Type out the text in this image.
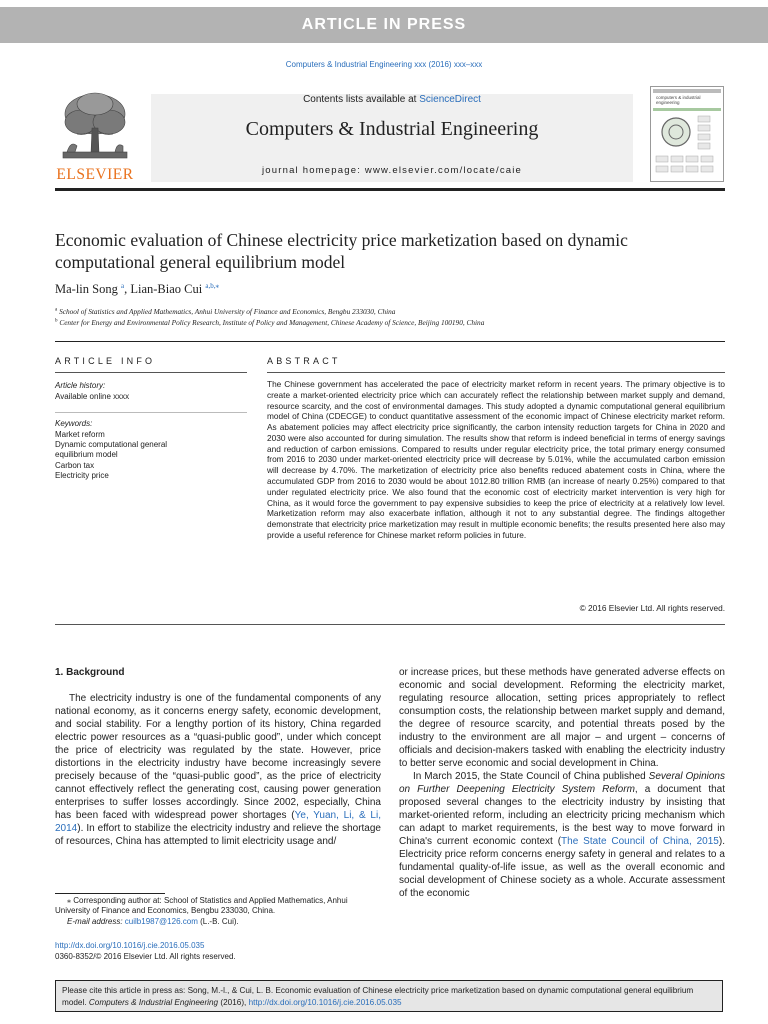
ARTICLE IN PRESS
Computers & Industrial Engineering xxx (2016) xxx–xxx
ELSEVIER
Contents lists available at ScienceDirect
Computers & Industrial Engineering
journal homepage: www.elsevier.com/locate/caie
computers & industrial engineering
Economic evaluation of Chinese electricity price marketization based on dynamic computational general equilibrium model
Ma-lin Song $^a$, Lian-Biao Cui $^{a,b,⁎}$
$^a$ School of Statistics and Applied Mathematics, Anhui University of Finance and Economics, Bengbu 233030, China
$^b$ Center for Energy and Environmental Policy Research, Institute of Policy and Management, Chinese Academy of Science, Beijing 100190, China
ARTICLE INFO	ABSTRACT
Article history:
Available online xxxx
Keywords:
Market reform
Dynamic computational general
equilibrium model
Carbon tax
Electricity price
The Chinese government has accelerated the pace of electricity market reform in recent years. The primary objective is to create a market-oriented electricity price which can accurately reflect the relationship between market supply and demand, resource scarcity, and the cost of environmental damages. This study adopted a dynamic computational general equilibrium model of China (CDECGE) to conduct quantitative assessment of the economic impact of Chinese electricity market reform. As abatement policies may affect electricity price significantly, the carbon intensity reduction targets for China in 2020 and 2030 were also accounted for during simulation. The results show that reform is indeed beneficial in terms of energy savings and reduction of carbon emissions. Compared to results under regular electricity price, the total primary energy consumed from 2016 to 2030 under market-oriented electricity price will decrease by 5.01%, while the accumulated carbon emission will decrease by 4.70%. The marketization of electricity price also benefits reduced abatement costs in China, where the accumulated GDP from 2016 to 2030 would be about 1012.80 trillion RMB (an increase of nearly 0.25%) compared to that under regulated electricity price. We also found that the economic cost of electricity market intervention is very high for China, as it would force the government to pay expensive subsidies to keep the price of electricity at a relatively low level. Marketization reform may also exacerbate inflation, although it not to any substantial degree. The findings altogether demonstrate that electricity price marketization may result in multiple economic benefits; the results presented here also may provide a useful reference for Chinese market reform policies in future.
© 2016 Elsevier Ltd. All rights reserved.
1. Background

The electricity industry is one of the fundamental components of any national economy, as it concerns energy safety, economic development, and social stability. For a lengthy portion of its history, China regarded electric power resources as a “quasi-public good”, under which concept the price of electricity was regulated by the state. However, price distortions in the electricity industry have become increasingly severe precisely because of the “quasi-public good”, as the price of electricity cannot effectively reflect the generating cost, causing power generation enterprises to suffer losses accordingly. Since 2002, especially, China has been faced with widespread power shortages (Ye, Yuan, Li, & Li, 2014). In effort to stabilize the electricity industry and relieve the shortage of resources, China has attempted to limit electricity usage and/

or increase prices, but these methods have generated adverse effects on economic and social development. Reforming the electricity market, regulating resource allocation, setting prices appropriately to reflect consumption costs, the relationship between market supply and demand, the degree of resource scarcity, and potential threats posed by the industry to the environment are all major – and urgent – concerns of officials and decision-makers tasked with enabling the electricity industry to better serve economic and social development in China.

In March 2015, the State Council of China published Several Opinions on Further Deepening Electricity System Reform, a document that proposed several changes to the electricity industry by insisting that market-oriented reform, including an electricity pricing mechanism which can adapt to market requirements, is the best way to move forward in China's current economic context (The State Council of China, 2015). Electricity price reform concerns energy safety in general and relates to a fundamental quality-of-life issue, as well as the overall economic and social development of Chinese society as a whole. Accurate assessment of the economic

⁎ Corresponding author at: School of Statistics and Applied Mathematics, Anhui University of Finance and Economics, Bengbu 233030, China.

E-mail address: cuilb1987@126.com (L.-B. Cui).

http://dx.doi.org/10.1016/j.cie.2016.05.035
0360-8352/© 2016 Elsevier Ltd. All rights reserved.
Please cite this article in press as: Song, M.-l., & Cui, L. B. Economic evaluation of Chinese electricity price marketization based on dynamic computational general equilibrium model. Computers & Industrial Engineering (2016), http://dx.doi.org/10.1016/j.cie.2016.05.035
